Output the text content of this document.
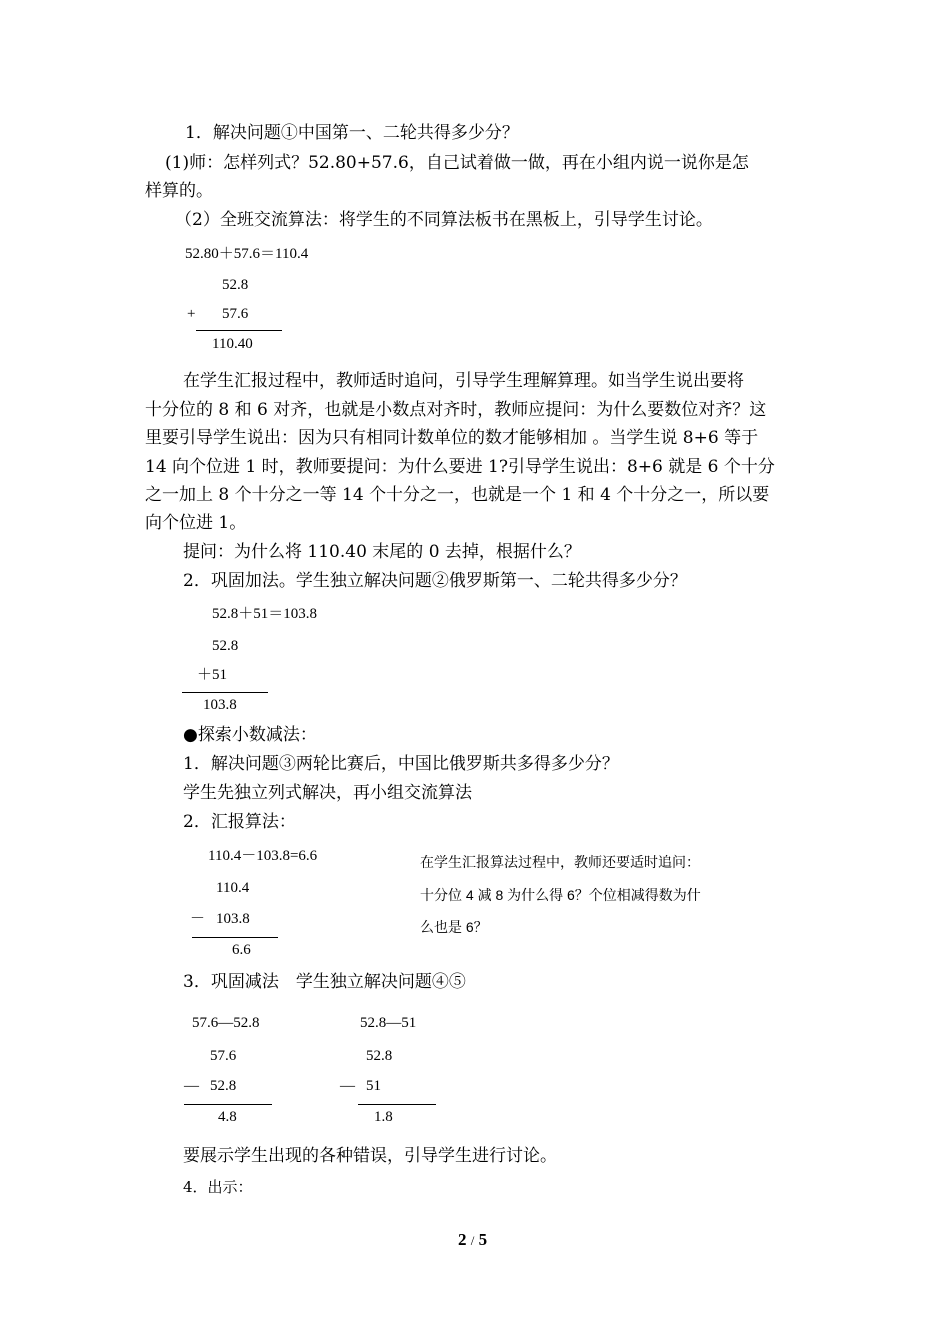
1．解决问题①中国第一、二轮共得多少分？
(1)师：怎样列式？52.80+57.6，自己试着做一做，再在小组内说一说你是怎
样算的。
（2）全班交流算法：将学生的不同算法板书在黑板上，引导学生讨论。
52.80＋57.6＝110.4
52.8
+ 57.6
110.40
在学生汇报过程中，教师适时追问，引导学生理解算理。如当学生说出要将
十分位的 8 和 6 对齐，也就是小数点对齐时，教师应提问：为什么要数位对齐？这
里要引导学生说出：因为只有相同计数单位的数才能够相加 。当学生说 8+6 等于
14 向个位进 1 时，教师要提问：为什么要进 1?引导学生说出：8+6 就是 6 个十分
之一加上 8 个十分之一等 14 个十分之一，也就是一个 1 和 4 个十分之一，所以要
向个位进 1。
提问：为什么将 110.40 末尾的 0 去掉，根据什么？
2．巩固加法。学生独立解决问题②俄罗斯第一、二轮共得多少分？
52.8＋51＝103.8
52.8
＋51
103.8
●探索小数减法：
1．解决问题③两轮比赛后，中国比俄罗斯共多得多少分？
学生先独立列式解决，再小组交流算法
2．汇报算法：
110.4－103.8=6.6
110.4
－ 103.8
6.6
在学生汇报算法过程中，教师还要适时追问：
十分位 4 减 8 为什么得 6？个位相减得数为什
么也是 6？
3．巩固减法　学生独立解决问题④⑤
57.6—52.8
57.6
— 52.8
4.8
52.8—51
52.8
— 51
1.8
要展示学生出现的各种错误，引导学生进行讨论。
4．出示：
2 / 5
